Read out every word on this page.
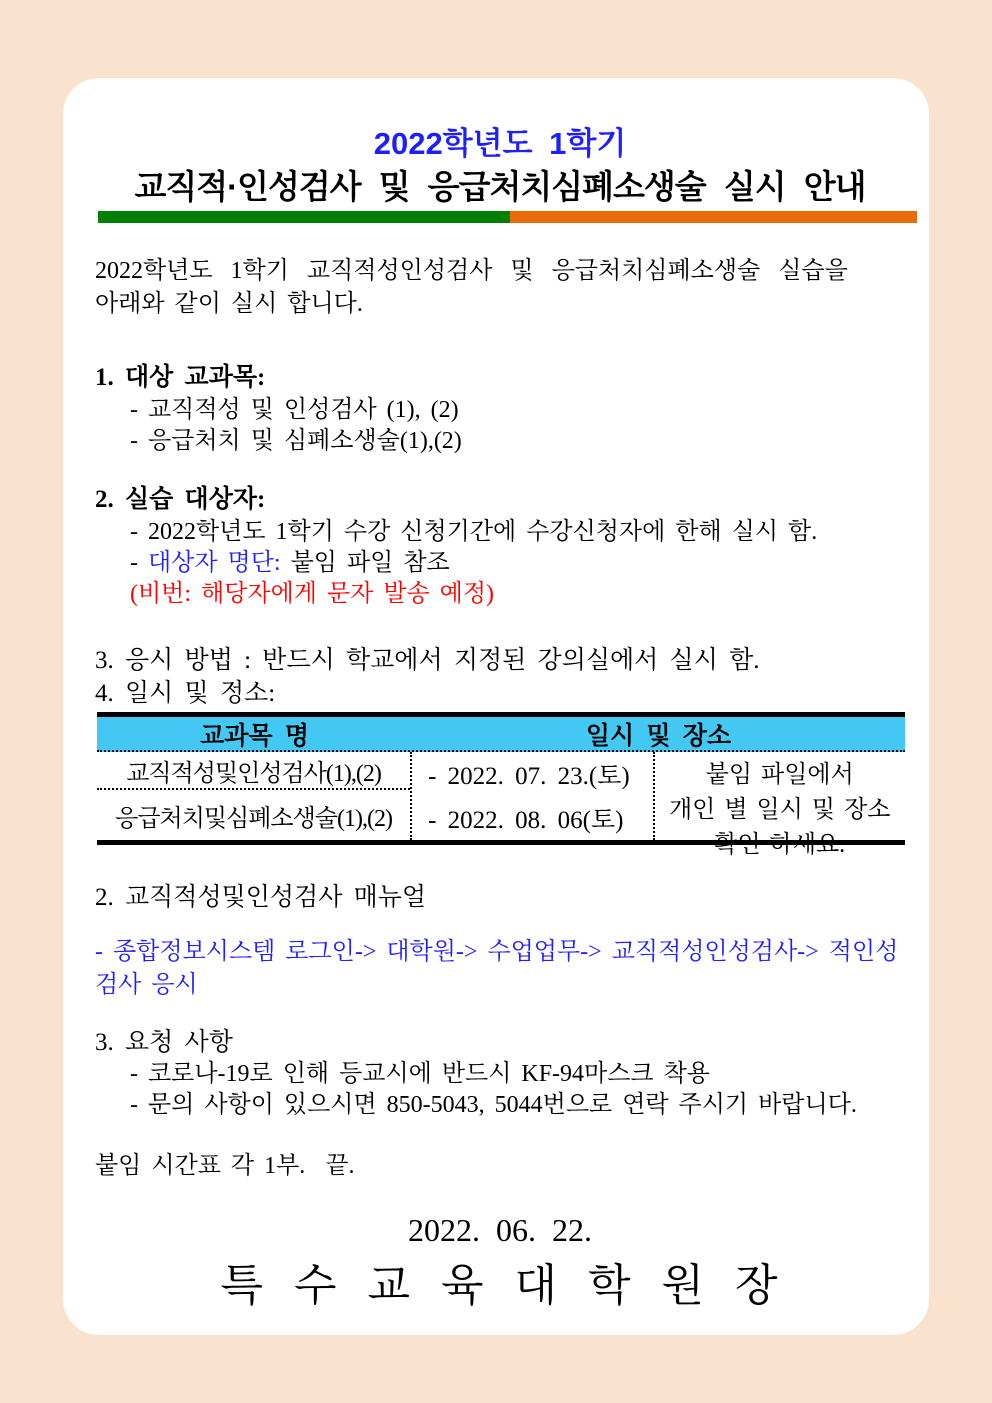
2022학년도 1학기
교직적·인성검사 및 응급처치심폐소생술 실시 안내
2022학년도 1학기 교직적성인성검사 및 응급처치심폐소생술 실습을
아래와 같이 실시 합니다.
1. 대상 교과목:
- 교직적성 및 인성검사 (1), (2)
- 응급처치 및 심폐소생술(1),(2)
2. 실습 대상자:
- 2022학년도 1학기 수강 신청기간에 수강신청자에 한해 실시 함.
- 대상자 명단: 붙임 파일 참조
(비번: 해당자에게 문자 발송 예정)
3. 응시 방법 : 반드시 학교에서 지정된 강의실에서 실시 함.
4. 일시 및 정소:
교과목 명	일시 및 장소
교직적성및인성검사(1),(2)
응급처치및심폐소생술(1),(2)
- 2022. 07. 23.(토)
- 2022. 08. 06(토)
붙임 파일에서
개인 별 일시 및 장소
확인 하세요.
2. 교직적성및인성검사 매뉴얼
- 종합정보시스템 로그인-> 대학원-> 수업업무-> 교직적성인성검사-> 적인성검사 응시
3. 요청 사항
- 코로나-19로 인해 등교시에 반드시 KF-94마스크 착용
- 문의 사항이 있으시면 850-5043, 5044번으로 연락 주시기 바랍니다.
붙임 시간표 각 1부.  끝.
2022. 06. 22.
특 수 교 육 대 학 원 장
